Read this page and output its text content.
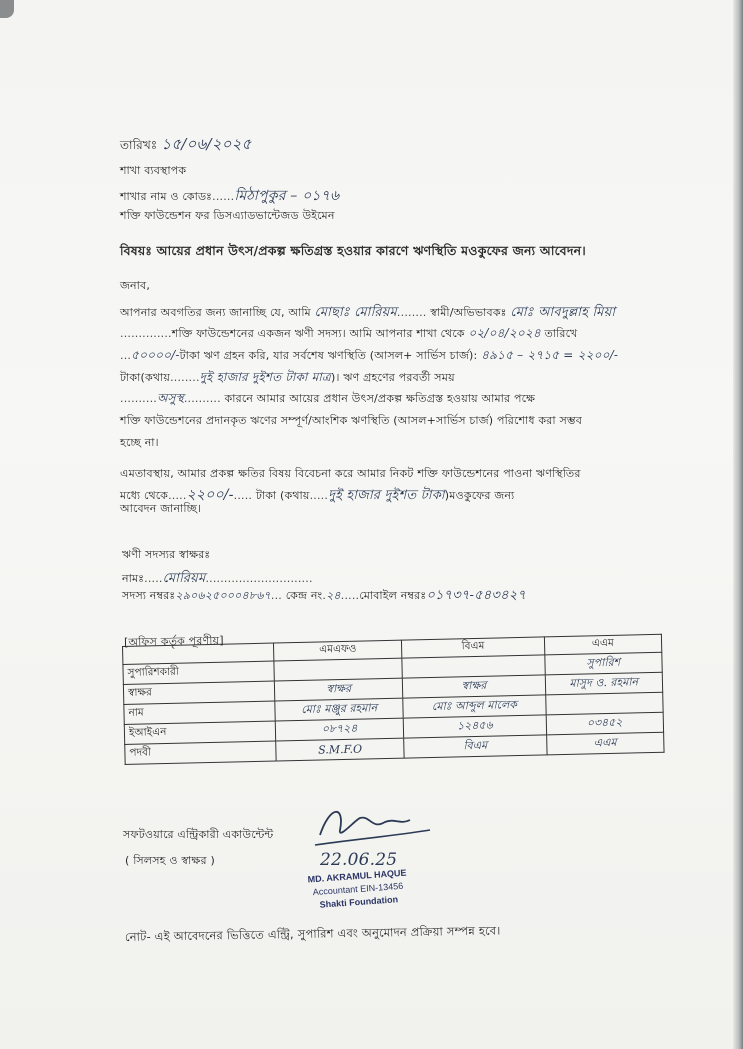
তারিখঃ ১৫/০৬/২০২৫
শাখা ব্যবস্থাপক
শাখার নাম ও কোডঃ......মিঠাপুকুর – ০১৭৬
শক্তি ফাউন্ডেশন ফর ডিসএ্যাডভান্টেজড উইমেন
বিষয়ঃ আয়ের প্রধান উৎস/প্রকল্প ক্ষতিগ্রস্ত হওয়ার কারণে ঋণস্থিতি মওকুফের জন্য আবেদন।
জনাব,
আপনার অবগতির জন্য জানাচ্ছি যে, আমি মোছাঃ মোরিয়ম........ স্বামী/অভিভাবকঃ মোঃ আবদুল্লাহ মিয়া
..............শক্তি ফাউন্ডেশনের একজন ঋণী সদস্য। আমি আপনার শাখা থেকে ০২/০৪/২০২৪ তারিখে
...৫০০০০/-টাকা ঋণ গ্রহন করি, যার সর্বশেষ ঋণস্থিতি (আসল+ সার্ভিস চার্জ): ৪৯১৫ – ২৭১৫ = ২২০০/-
টাকা(কথায়........দুই হাজার দুইশত টাকা মাত্র)। ঋণ গ্রহণের পরবর্তী সময়
..........অসুস্থ.......... কারনে আমার আয়ের প্রধান উৎস/প্রকল্প ক্ষতিগ্রস্ত হওয়ায় আমার পক্ষে
শক্তি ফাউন্ডেশনের প্রদানকৃত ঋণের সম্পূর্ণ/আংশিক ঋণস্থিতি (আসল+সার্ভিস চার্জ) পরিশোধ করা সম্ভব
হচ্ছে না।
এমতাবস্থায়, আমার প্রকল্প ক্ষতির বিষয় বিবেচনা করে আমার নিকট শক্তি ফাউন্ডেশনের পাওনা ঋণস্থিতির
মধ্যে থেকে.....২২০০/-..... টাকা (কথায়.....দুই হাজার দুইশত টাকা)মওকুফের জন্য
আবেদন জানাচ্ছি।
ঋণী সদস্যর স্বাক্ষরঃ
নামঃ.....মোরিয়ম.............................
সদস্য নম্বরঃ২৯০৬২৫০০০৪৮৬৭... কেন্দ্র নং.২৪.....মোবাইল নম্বরঃ০১৭৩৭-৫৪৩৪২৭
[অফিস কর্তৃক পূরণীয়]
	এমএফও	বিএম	এএম
সুপারিশকারী			সুপারিশ
স্বাক্ষর	স্বাক্ষর	স্বাক্ষর	মাসুদ ও. রহমান
নাম	মোঃ মঞ্জুর রহমান	মোঃ আব্দুল মালেক	
ইআইএন	০৮৭২৪	১২৪৫৬	০৩৪৫২
পদবী	S.M.F.O	বিএম	এএম
সফটওয়ারে এন্ট্রিকারী একাউন্টেন্ট
( সিলসহ ও স্বাক্ষর )	22.06.25
MD. AKRAMUL HAQUE
Accountant EIN-13456
Shakti Foundation
নোট- এই আবেদনের ভিত্তিতে এন্ট্রি, সুপারিশ এবং অনুমোদন প্রক্রিয়া সম্পন্ন হবে।
